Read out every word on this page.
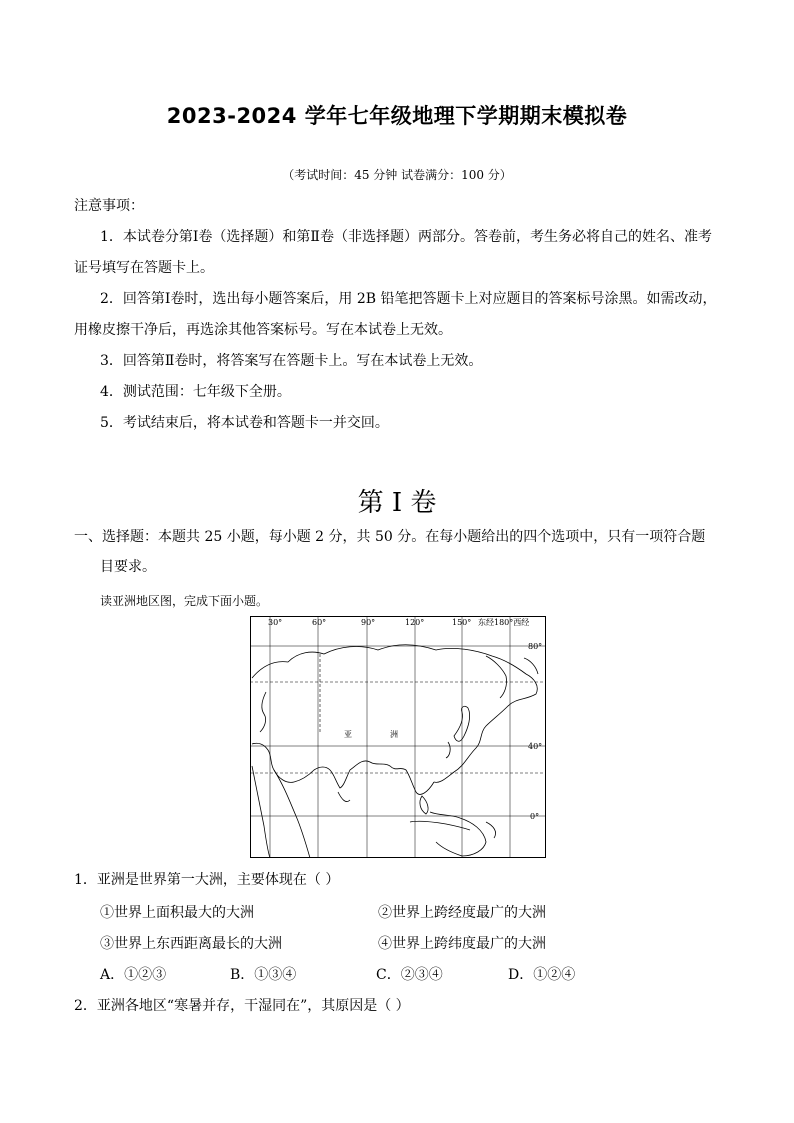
2023-2024 学年七年级地理下学期期末模拟卷
（考试时间：45 分钟 试卷满分：100 分）
注意事项：
1．本试卷分第Ⅰ卷（选择题）和第Ⅱ卷（非选择题）两部分。答卷前，考生务必将自己的姓名、准考
证号填写在答题卡上。
2．回答第Ⅰ卷时，选出每小题答案后，用 2B 铅笔把答题卡上对应题目的答案标号涂黑。如需改动，
用橡皮擦干净后，再选涂其他答案标号。写在本试卷上无效。
3．回答第Ⅱ卷时，将答案写在答题卡上。写在本试卷上无效。
4．测试范围：七年级下全册。
5．考试结束后，将本试卷和答题卡一并交回。
第 I 卷
一、选择题：本题共 25 小题，每小题 2 分，共 50 分。在每小题给出的四个选项中，只有一项符合题
目要求。
读亚洲地区图，完成下面小题。
30°	60°	90°	120°	150° 东经180°西经
80°
40°
0°
亚	洲
1．亚洲是世界第一大洲，主要体现在（ ）
①世界上面积最大的大洲	②世界上跨经度最广的大洲
③世界上东西距离最长的大洲	④世界上跨纬度最广的大洲
A．①②③	B．①③④	C．②③④	D．①②④
2．亚洲各地区“寒暑并存，干湿同在”，其原因是（ ）
